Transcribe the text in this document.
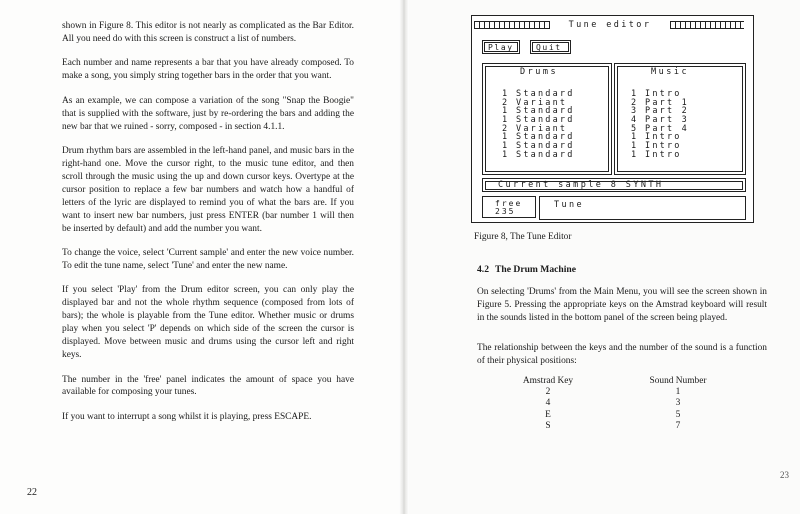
shown in Figure 8. This editor is not nearly as complicated as the Bar Editor. All you need do with this screen is construct a list of numbers.

Each number and name represents a bar that you have already composed. To make a song, you simply string together bars in the order that you want.

As an example, we can compose a variation of the song "Snap the Boogie" that is supplied with the software, just by re-ordering the bars and adding the new bar that we ruined - sorry, composed - in section 4.1.1.

Drum rhythm bars are assembled in the left-hand panel, and music bars in the right-hand one. Move the cursor right, to the music tune editor, and then scroll through the music using the up and down cursor keys. Overtype at the cursor position to replace a few bar numbers and watch how a handful of letters of the lyric are displayed to remind you of what the bars are. If you want to insert new bar numbers, just press ENTER (bar number 1 will then be inserted by default) and add the number you want.

To change the voice, select 'Current sample' and enter the new voice number. To edit the tune name, select 'Tune' and enter the new name.

If you select 'Play' from the Drum editor screen, you can only play the displayed bar and not the whole rhythm sequence (composed from lots of bars); the whole is playable from the Tune editor. Whether music or drums play when you select 'P' depends on which side of the screen the cursor is displayed. Move between music and drums using the cursor left and right keys.

The number in the 'free' panel indicates the amount of space you have available for composing your tunes.

If you want to interrupt a song whilst it is playing, press ESCAPE.

22
Tune editor
Play	Quit
Drums
1 Standard
2 Variant
1 Standard
1 Standard
2 Variant
1 Standard
1 Standard
1 Standard
Music
1 Intro
2 Part 1
3 Part 2
4 Part 3
5 Part 4
1 Intro
1 Intro
1 Intro
Current sample 8 SYNTH
free
235
Tune
Figure 8, The Tune Editor
4.2 The Drum Machine

On selecting 'Drums' from the Main Menu, you will see the screen shown in Figure 5. Pressing the appropriate keys on the Amstrad keyboard will result in the sounds listed in the bottom panel of the screen being played.

The relationship between the keys and the number of the sound is a function of their physical positions:

Amstrad Key	Sound Number
2	1
4	3
E	5
S	7
23
